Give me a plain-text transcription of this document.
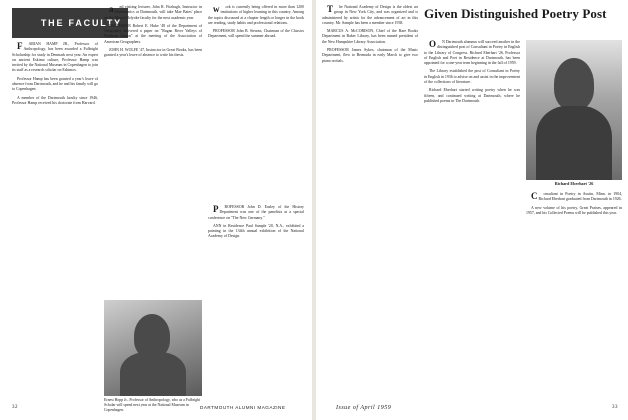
THE FACULTY

FABIAN HAMP JR., Professor of Anthropology, has been awarded a Fulbright Scholarship for study in Denmark next year. An expert on ancient Eskimo culture, Professor Hamp was invited by the National Museum in Copenhagen to join its staff as a research scholar on Eskimos.

Professor Hamp has been granted a year's leave of absence from Dartmouth, and he and his family will go to Copenhagen.

A member of the Dartmouth faculty since 1946, Professor Hamp received his doctorate from Harvard.

and visiting lecturer, John R. Fitzhugh, Instructor in Mathematics at Dartmouth, will take Mae Bates' place on the Mount Holyoke faculty for the next academic year.

PROFESSOR Robert E. Huke '48 of the Department of Geography delivered a paper on "Rugan River Valleys of Northern Luzon" at the meeting of the Association of American Geographers.

JOHN H. WOLFE '47, Instructor in Great Books, has been granted a year's leave of absence to write his thesis.

work is currently being offered in more than 1200 institutions of higher learning in this country. Among the topics discussed at a chapter length or longer in the book are reading, study habits and professional relations.

PROFESSOR John B. Stearns, Chairman of the Classics Department, will spend the summer abroad.

PROFESSOR John D. Easley of the History Department was one of the panelists at a special conference on "The New Germany."

ANN in Residence Paul Sample '20, N.A., exhibited a painting in the 134th annual exhibition of the National Academy of Design.

Ernest Hopp Jr., Professor of Anthropology, who as a Fulbright Scholar will spend next year at the National Museum in Copenhagen.
32	DARTMOUTH ALUMNI MAGAZINE
Given Distinguished Poetry Post

The National Academy of Design is the oldest art group in New York City, and was organized and is administered by artists for the advancement of art in this country. Mr. Sample has been a member since 1938.

MARCUS A. McCORISON, Chief of the Rare Books Department in Baker Library, has been named president of the New Hampshire Library Association.

PROFESSOR James Sykes, chairman of the Music Department, flew to Bermuda in early March to give two piano recitals.

ON Dartmouth alumnus will succeed another in the distinguished post of Consultant in Poetry in English to the Library of Congress. Richard Eberhart '26, Professor of English and Poet in Residence at Dartmouth, has been appointed for a one-year term beginning in the fall of 1959.

The Library established the post of Consultant in Poetry in English in 1936 to advise on and assist in the improvement of the collections of literature.

Richard Eberhart started writing poetry when he was fifteen, and continued writing at Dartmouth, where he published poems in The Dartmouth.

Consultant in Poetry in Austin, Minn. in 1904, Richard Eberhart graduated from Dartmouth in 1926.

A new volume of his poetry, Great Praises, appeared in 1957, and his Collected Poems will be published this year.

Richard Eberhart '26
Issue of April 1959	33
